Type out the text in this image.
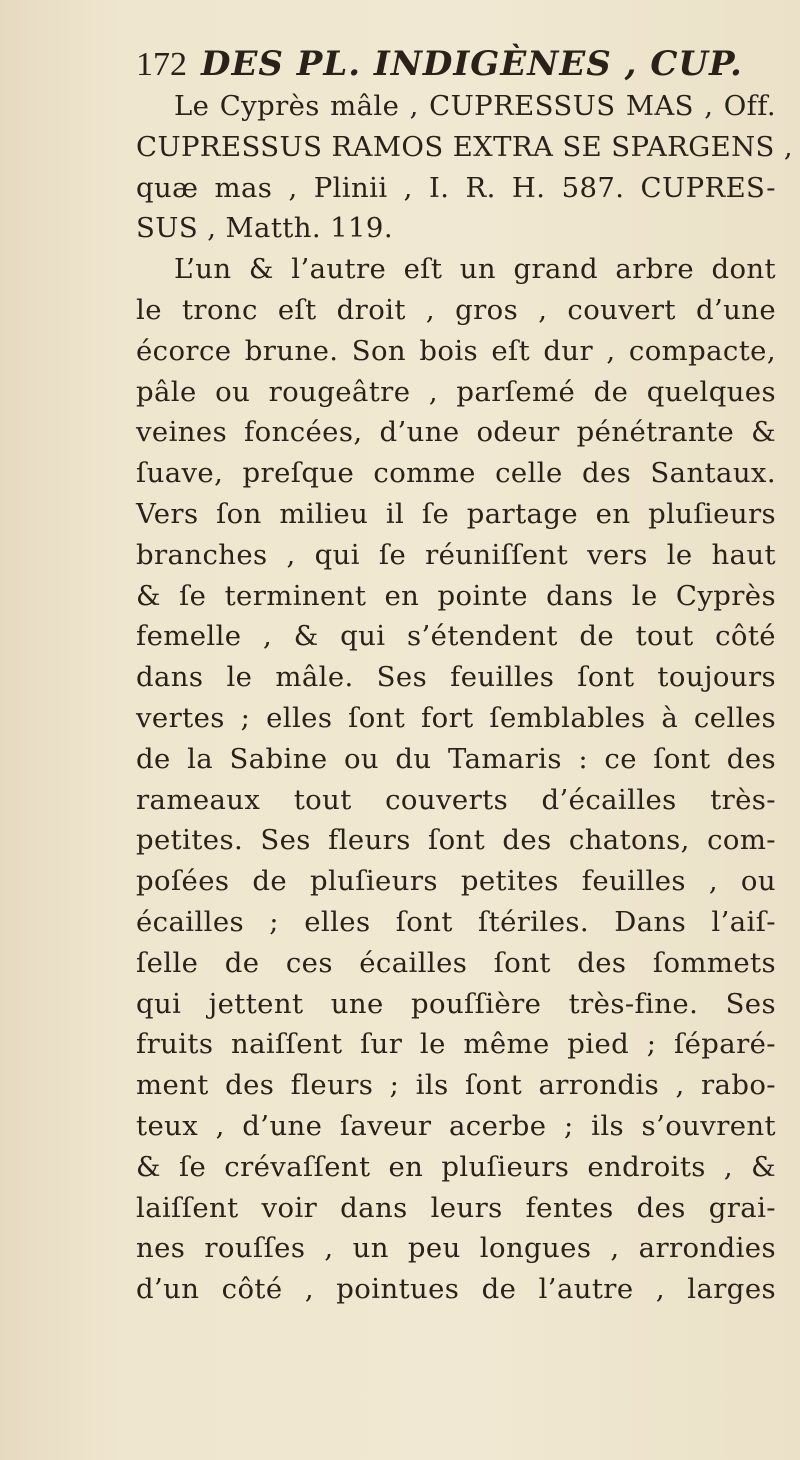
172 DES PL. INDIGÈNES , CUP.
Le Cyprès mâle , CUPRESSUS MAS , Off.
CUPRESSUS RAMOS EXTRA SE SPARGENS ,
quæ mas , Plinii , I. R. H. 587. CUPRES-
SUS , Matth. 119.
L’un & l’autre eſt un grand arbre dont
le tronc eſt droit , gros , couvert d’une
écorce brune. Son bois eſt dur , compacte,
pâle ou rougeâtre , parſemé de quelques
veines foncées, d’une odeur pénétrante &
ſuave, preſque comme celle des Santaux.
Vers ſon milieu il ſe partage en pluſieurs
branches , qui ſe réuniſſent vers le haut
& ſe terminent en pointe dans le Cyprès
femelle , & qui s’étendent de tout côté
dans le mâle. Ses feuilles ſont toujours
vertes ; elles ſont fort ſemblables à celles
de la Sabine ou du Tamaris : ce ſont des
rameaux tout couverts d’écailles très-
petites. Ses fleurs ſont des chatons, com-
poſées de pluſieurs petites feuilles , ou
écailles ; elles ſont ſtériles. Dans l’aiſ-
ſelle de ces écailles ſont des ſommets
qui jettent une pouſſière très-fine. Ses
fruits naiſſent ſur le même pied ; ſéparé-
ment des fleurs ; ils ſont arrondis , rabo-
teux , d’une ſaveur acerbe ; ils s’ouvrent
& ſe crévaſſent en pluſieurs endroits , &
laiſſent voir dans leurs fentes des grai-
nes rouſſes , un peu longues , arrondies
d’un côté , pointues de l’autre , larges
